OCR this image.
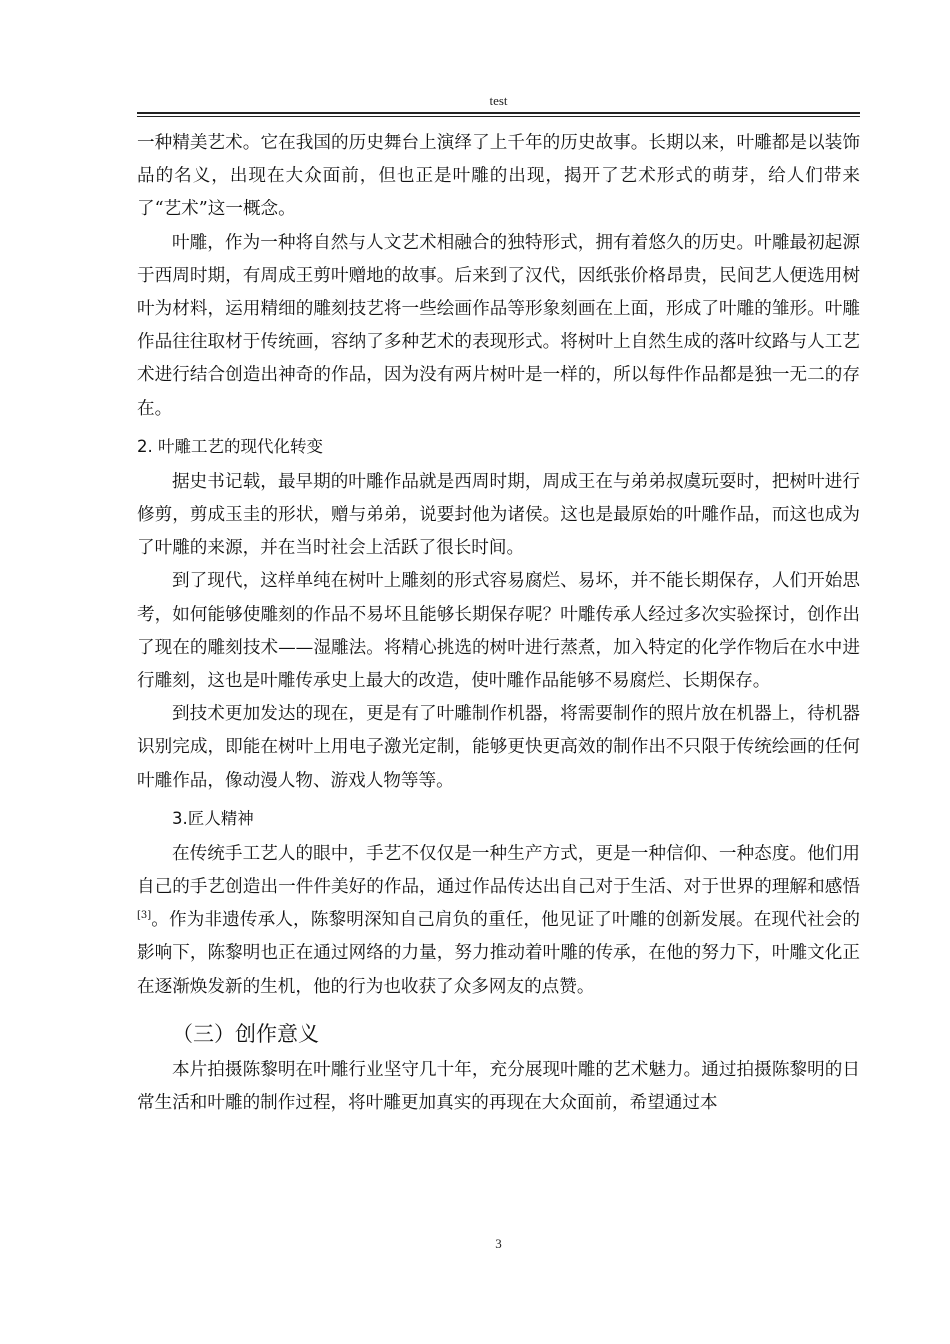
test

一种精美艺术。它在我国的历史舞台上演绎了上千年的历史故事。长期以来，叶雕都是以装饰品的名义，出现在大众面前，但也正是叶雕的出现，揭开了艺术形式的萌芽，给人们带来了“艺术”这一概念。

叶雕，作为一种将自然与人文艺术相融合的独特形式，拥有着悠久的历史。叶雕最初起源于西周时期，有周成王剪叶赠地的故事。后来到了汉代，因纸张价格昂贵，民间艺人便选用树叶为材料，运用精细的雕刻技艺将一些绘画作品等形象刻画在上面，形成了叶雕的雏形。叶雕作品往往取材于传统画，容纳了多种艺术的表现形式。将树叶上自然生成的落叶纹路与人工艺术进行结合创造出神奇的作品，因为没有两片树叶是一样的，所以每件作品都是独一无二的存在。

2. 叶雕工艺的现代化转变

据史书记载，最早期的叶雕作品就是西周时期，周成王在与弟弟叔虞玩耍时，把树叶进行修剪，剪成玉圭的形状，赠与弟弟，说要封他为诸侯。这也是最原始的叶雕作品，而这也成为了叶雕的来源，并在当时社会上活跃了很长时间。

到了现代，这样单纯在树叶上雕刻的形式容易腐烂、易坏，并不能长期保存，人们开始思考，如何能够使雕刻的作品不易坏且能够长期保存呢？叶雕传承人经过多次实验探讨，创作出了现在的雕刻技术——湿雕法。将精心挑选的树叶进行蒸煮，加入特定的化学作物后在水中进行雕刻，这也是叶雕传承史上最大的改造，使叶雕作品能够不易腐烂、长期保存。

到技术更加发达的现在，更是有了叶雕制作机器，将需要制作的照片放在机器上，待机器识别完成，即能在树叶上用电子激光定制，能够更快更高效的制作出不只限于传统绘画的任何叶雕作品，像动漫人物、游戏人物等等。

3.匠人精神

在传统手工艺人的眼中，手艺不仅仅是一种生产方式，更是一种信仰、一种态度。他们用自己的手艺创造出一件件美好的作品，通过作品传达出自己对于生活、对于世界的理解和感悟[3]。作为非遗传承人，陈黎明深知自己肩负的重任，他见证了叶雕的创新发展。在现代社会的影响下，陈黎明也正在通过网络的力量，努力推动着叶雕的传承，在他的努力下，叶雕文化正在逐渐焕发新的生机，他的行为也收获了众多网友的点赞。

（三）创作意义

本片拍摄陈黎明在叶雕行业坚守几十年，充分展现叶雕的艺术魅力。通过拍摄陈黎明的日常生活和叶雕的制作过程，将叶雕更加真实的再现在大众面前，希望通过本

3
